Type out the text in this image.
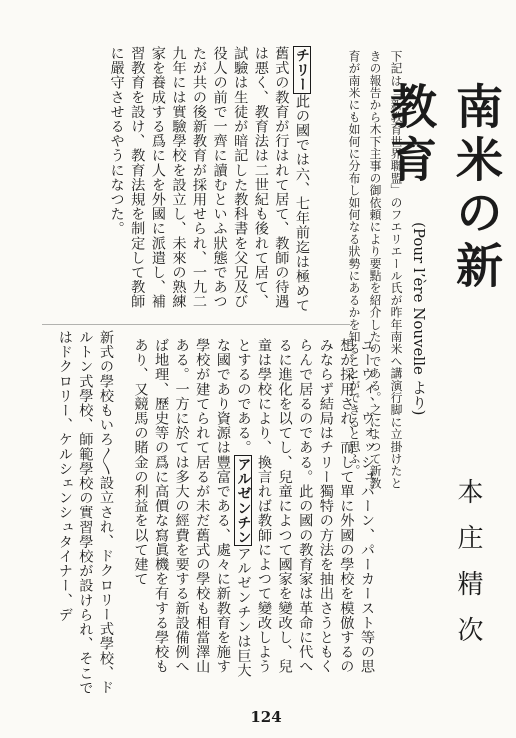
南米の新教育
(Pour l’ère Nouvelle より)
本庄精次
下記は「新教育世界聯盟」のフエリエール氏が昨年南米へ講演行脚に立掛けたときの報告から木下主事の御依頼により要點を紹介したのである。之によつて新教育が南米にも如何に分布し如何なる狀勢にあるかを知ることができると思ふ。
チリー此の國では六、七年前迄は極めて舊式の教育が行はれて居て、教師の待遇は悪く、教育法は二世紀も後れて居て、試驗は生徒が暗記した教科書を父兄及び役人の前で一齊に讀むといふ狀態であつたが共の後新教育が採用せられ、一九二九年には實驗學校を設立し、未來の熟練家を養成する爲に人を外國に派遣し、補習教育を設け、教育法規を制定して教師に嚴守させるやうになつた。
新式の學校もいろ〳〵設立され、ドクロリー式學校、ドルトン式學校、師範學校の實習學校が設けられ、そこではドクロリー、ケルシェンシュタイナー、デ	ユーウィ、ウォッシュバーン、パーカースト等の思想が採用され、而して單に外國の學校を模倣するのみならず結局はチリー獨特の方法を抽出さうともくらんで居るのである。此の國の教育家は革命に代へるに進化を以てし、兒童によつて國家を變改し、兒童は學校により、換言れば教師によつて變改しようとするのである。アルゼンチンアルゼンチンは巨大な國であり資源は豐富である、處々に新教育を施す學校が建てられて居るが未だ舊式の學校も相當澤山ある。一方に於ては多大の經費を要する新設備例へば地理、歷史等の爲に高價な寫眞機を有する學校もあり、又競馬の賭金の利益を以て建て
124
